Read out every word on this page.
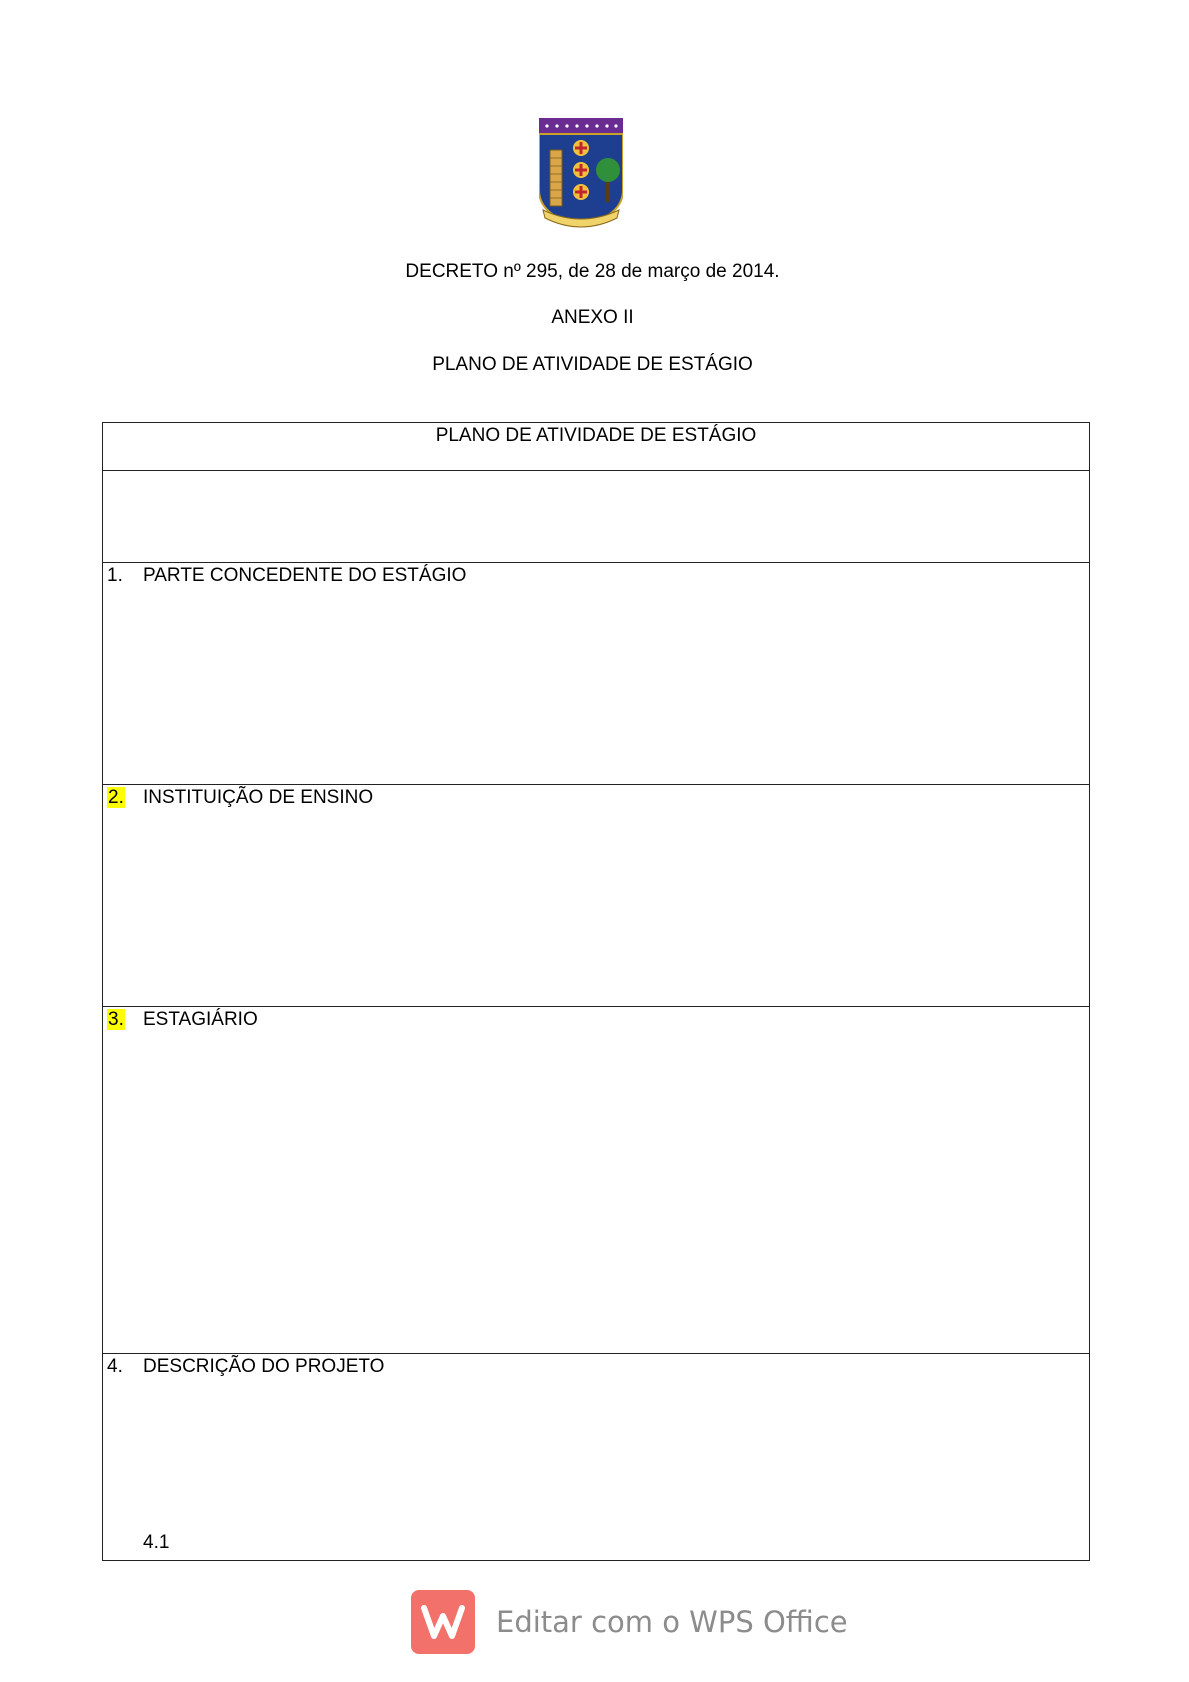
DECRETO nº 295, de 28 de março de 2014.

ANEXO II

PLANO DE ATIVIDADE DE ESTÁGIO

PLANO DE ATIVIDADE DE ESTÁGIO

1.	PARTE CONCEDENTE DO ESTÁGIO

2.	INSTITUIÇÃO DE ENSINO

3.	ESTAGIÁRIO

4.	DESCRIÇÃO DO PROJETO
4.1
Editar com o WPS Office
